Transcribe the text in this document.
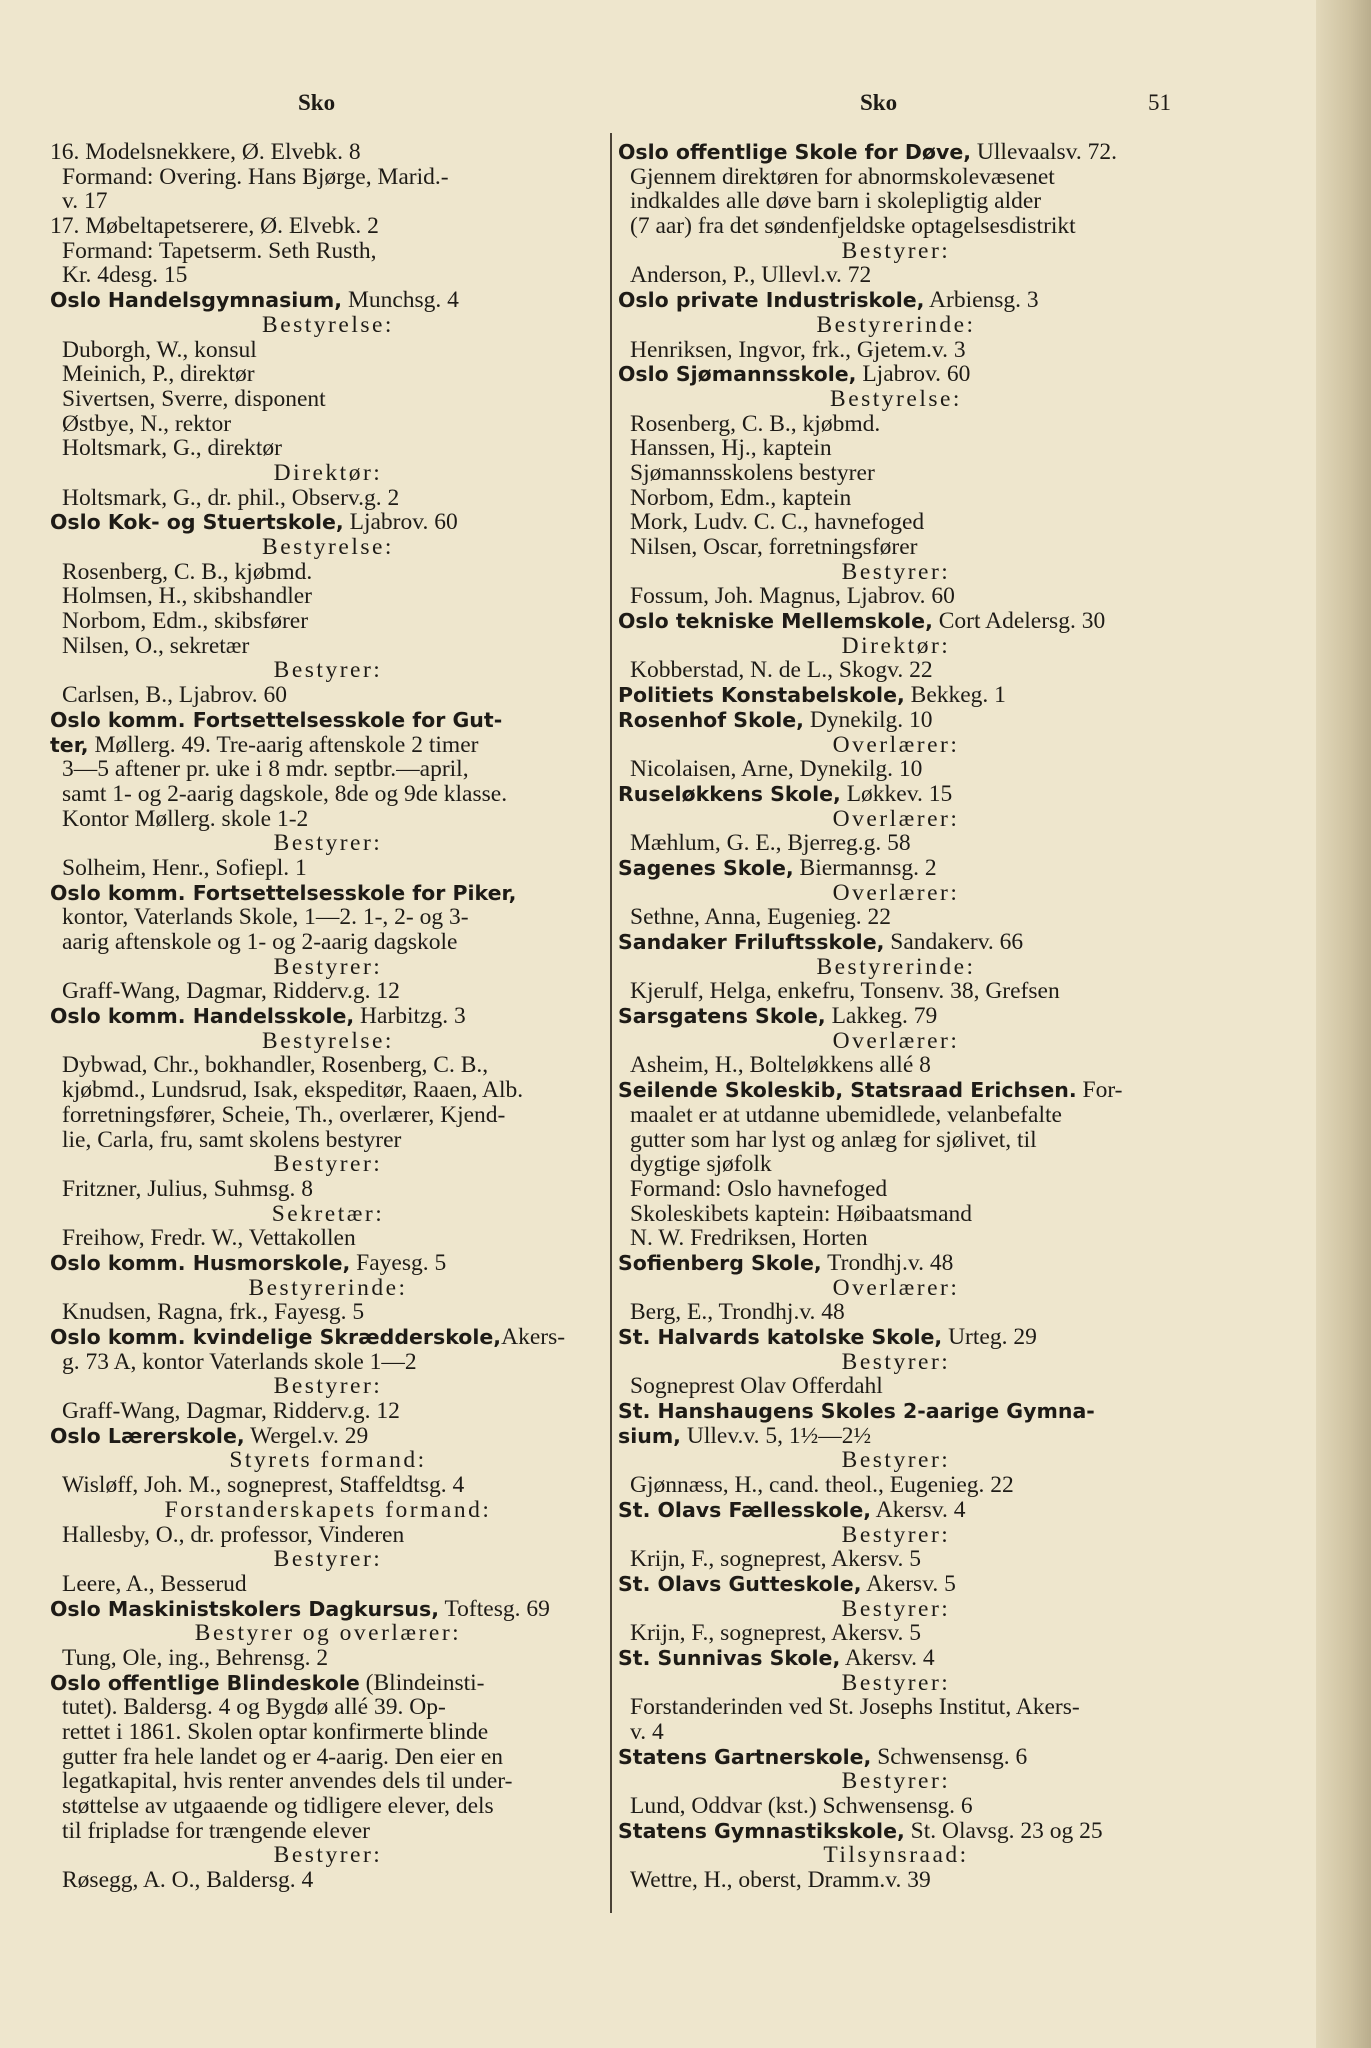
Sko	Sko	51
16. Modelsnekkere, Ø. Elvebk. 8
Formand: Overing. Hans Bjørge, Marid.-
v. 17
17. Møbeltapetserere, Ø. Elvebk. 2
Formand: Tapetserm. Seth Rusth,
Kr. 4desg. 15
Oslo Handelsgymnasium, Munchsg. 4
Bestyrelse:
Duborgh, W., konsul
Meinich, P., direktør
Sivertsen, Sverre, disponent
Østbye, N., rektor
Holtsmark, G., direktør
Direktør:
Holtsmark, G., dr. phil., Observ.g. 2
Oslo Kok- og Stuertskole, Ljabrov. 60
Bestyrelse:
Rosenberg, C. B., kjøbmd.
Holmsen, H., skibshandler
Norbom, Edm., skibsfører
Nilsen, O., sekretær
Bestyrer:
Carlsen, B., Ljabrov. 60
Oslo komm. Fortsettelsesskole for Gut-
ter, Møllerg. 49. Tre-aarig aftenskole 2 timer
3—5 aftener pr. uke i 8 mdr. septbr.—april,
samt 1- og 2-aarig dagskole, 8de og 9de klasse.
Kontor Møllerg. skole 1-2
Bestyrer:
Solheim, Henr., Sofiepl. 1
Oslo komm. Fortsettelsesskole for Piker,
kontor, Vaterlands Skole, 1—2. 1-, 2- og 3-
aarig aftenskole og 1- og 2-aarig dagskole
Bestyrer:
Graff-Wang, Dagmar, Ridderv.g. 12
Oslo komm. Handelsskole, Harbitzg. 3
Bestyrelse:
Dybwad, Chr., bokhandler, Rosenberg, C. B.,
kjøbmd., Lundsrud, Isak, ekspeditør, Raaen, Alb.
forretningsfører, Scheie, Th., overlærer, Kjend-
lie, Carla, fru, samt skolens bestyrer
Bestyrer:
Fritzner, Julius, Suhmsg. 8
Sekretær:
Freihow, Fredr. W., Vettakollen
Oslo komm. Husmorskole, Fayesg. 5
Bestyrerinde:
Knudsen, Ragna, frk., Fayesg. 5
Oslo komm. kvindelige Skrædderskole,Akers-
g. 73 A, kontor Vaterlands skole 1—2
Bestyrer:
Graff-Wang, Dagmar, Ridderv.g. 12
Oslo Lærerskole, Wergel.v. 29
Styrets formand:
Wisløff, Joh. M., sogneprest, Staffeldtsg. 4
Forstanderskapets formand:
Hallesby, O., dr. professor, Vinderen
Bestyrer:
Leere, A., Besserud
Oslo Maskinistskolers Dagkursus, Toftesg. 69
Bestyrer og overlærer:
Tung, Ole, ing., Behrensg. 2
Oslo offentlige Blindeskole (Blindeinsti-
tutet). Baldersg. 4 og Bygdø allé 39. Op-
rettet i 1861. Skolen optar konfirmerte blinde
gutter fra hele landet og er 4-aarig. Den eier en
legatkapital, hvis renter anvendes dels til under-
støttelse av utgaaende og tidligere elever, dels
til fripladse for trængende elever
Bestyrer:
Røsegg, A. O., Baldersg. 4
Oslo offentlige Skole for Døve, Ullevaalsv. 72.
Gjennem direktøren for abnormskolevæsenet
indkaldes alle døve barn i skolepligtig alder
(7 aar) fra det søndenfjeldske optagelsesdistrikt
Bestyrer:
Anderson, P., Ullevl.v. 72
Oslo private Industriskole, Arbiensg. 3
Bestyrerinde:
Henriksen, Ingvor, frk., Gjetem.v. 3
Oslo Sjømannsskole, Ljabrov. 60
Bestyrelse:
Rosenberg, C. B., kjøbmd.
Hanssen, Hj., kaptein
Sjømannsskolens bestyrer
Norbom, Edm., kaptein
Mork, Ludv. C. C., havnefoged
Nilsen, Oscar, forretningsfører
Bestyrer:
Fossum, Joh. Magnus, Ljabrov. 60
Oslo tekniske Mellemskole, Cort Adelersg. 30
Direktør:
Kobberstad, N. de L., Skogv. 22
Politiets Konstabelskole, Bekkeg. 1
Rosenhof Skole, Dynekilg. 10
Overlærer:
Nicolaisen, Arne, Dynekilg. 10
Ruseløkkens Skole, Løkkev. 15
Overlærer:
Mæhlum, G. E., Bjerreg.g. 58
Sagenes Skole, Biermannsg. 2
Overlærer:
Sethne, Anna, Eugenieg. 22
Sandaker Friluftsskole, Sandakerv. 66
Bestyrerinde:
Kjerulf, Helga, enkefru, Tonsenv. 38, Grefsen
Sarsgatens Skole, Lakkeg. 79
Overlærer:
Asheim, H., Bolteløkkens allé 8
Seilende Skoleskib, Statsraad Erichsen. For-
maalet er at utdanne ubemidlede, velanbefalte
gutter som har lyst og anlæg for sjølivet, til
dygtige sjøfolk
Formand: Oslo havnefoged
Skoleskibets kaptein: Høibaatsmand
N. W. Fredriksen, Horten
Sofienberg Skole, Trondhj.v. 48
Overlærer:
Berg, E., Trondhj.v. 48
St. Halvards katolske Skole, Urteg. 29
Bestyrer:
Sogneprest Olav Offerdahl
St. Hanshaugens Skoles 2-aarige Gymna-
sium, Ullev.v. 5, 1½—2½
Bestyrer:
Gjønnæss, H., cand. theol., Eugenieg. 22
St. Olavs Fællesskole, Akersv. 4
Bestyrer:
Krijn, F., sogneprest, Akersv. 5
St. Olavs Gutteskole, Akersv. 5
Bestyrer:
Krijn, F., sogneprest, Akersv. 5
St. Sunnivas Skole, Akersv. 4
Bestyrer:
Forstanderinden ved St. Josephs Institut, Akers-
v. 4
Statens Gartnerskole, Schwensensg. 6
Bestyrer:
Lund, Oddvar (kst.) Schwensensg. 6
Statens Gymnastikskole, St. Olavsg. 23 og 25
Tilsynsraad:
Wettre, H., oberst, Dramm.v. 39
